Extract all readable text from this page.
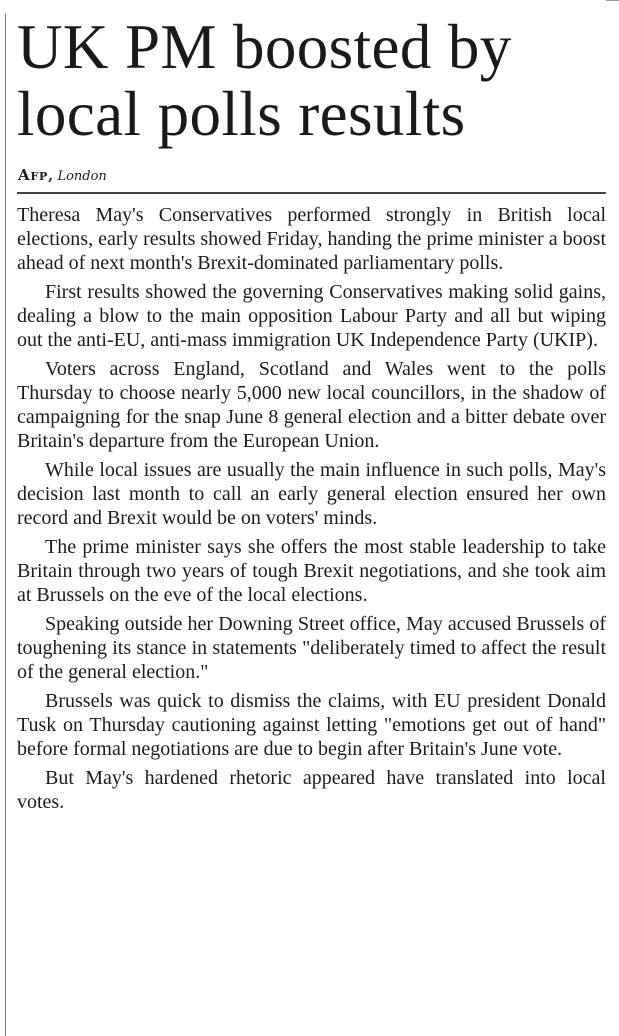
UK PM boosted by
local polls results
Afp, London

Theresa May's Conservatives performed strongly in British local elections, early results showed Friday, handing the prime minister a boost ahead of next month's Brexit-dominated parliamentary polls.

First results showed the governing Conservatives making solid gains, dealing a blow to the main opposition Labour Party and all but wiping out the anti-EU, anti-mass immigration UK Independence Party (UKIP).

Voters across England, Scotland and Wales went to the polls Thursday to choose nearly 5,000 new local councillors, in the shadow of campaigning for the snap June 8 general election and a bitter debate over Britain's departure from the European Union.

While local issues are usually the main influence in such polls, May's decision last month to call an early general election ensured her own record and Brexit would be on voters' minds.

The prime minister says she offers the most stable leadership to take Britain through two years of tough Brexit negotiations, and she took aim at Brussels on the eve of the local elections.

Speaking outside her Downing Street office, May accused Brussels of toughening its stance in statements "deliberately timed to affect the result of the general election."

Brussels was quick to dismiss the claims, with EU president Donald Tusk on Thursday cautioning against letting "emotions get out of hand" before formal negotiations are due to begin after Britain's June vote.

But May's hardened rhetoric appeared have translated into local votes.
